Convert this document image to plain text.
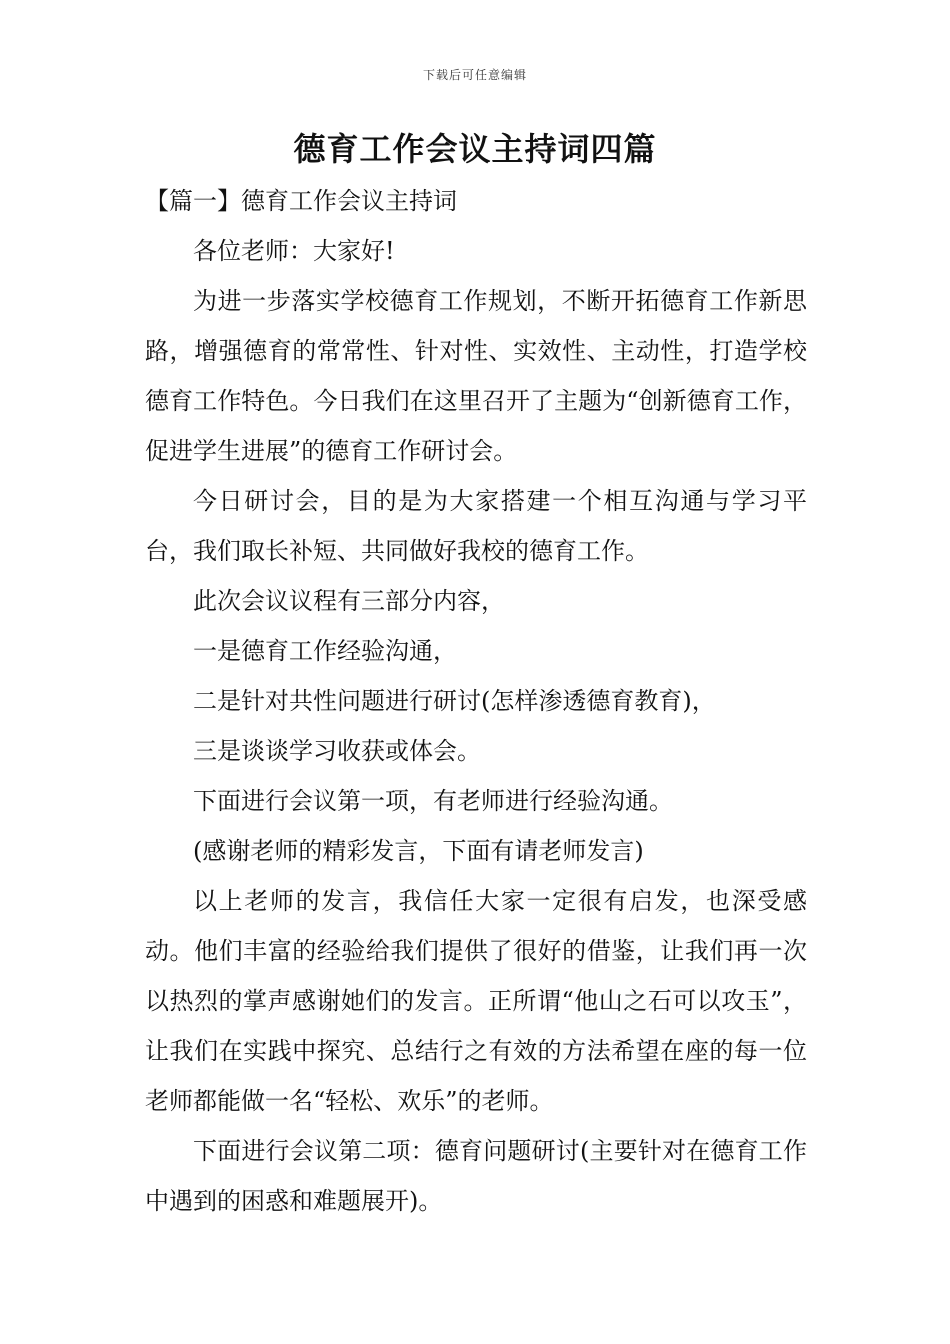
下载后可任意编辑
德育工作会议主持词四篇

【篇一】德育工作会议主持词

各位老师：大家好!

为进一步落实学校德育工作规划，不断开拓德育工作新思路，增强德育的常常性、针对性、实效性、主动性，打造学校德育工作特色。今日我们在这里召开了主题为“创新德育工作，促进学生进展”的德育工作研讨会。

今日研讨会，目的是为大家搭建一个相互沟通与学习平台，我们取长补短、共同做好我校的德育工作。

此次会议议程有三部分内容，

一是德育工作经验沟通，

二是针对共性问题进行研讨(怎样渗透德育教育)，

三是谈谈学习收获或体会。

下面进行会议第一项，有老师进行经验沟通。

(感谢老师的精彩发言，下面有请老师发言)

以上老师的发言，我信任大家一定很有启发，也深受感动。他们丰富的经验给我们提供了很好的借鉴，让我们再一次以热烈的掌声感谢她们的发言。正所谓“他山之石可以攻玉”，让我们在实践中探究、总结行之有效的方法希望在座的每一位老师都能做一名“轻松、欢乐”的老师。

下面进行会议第二项：德育问题研讨(主要针对在德育工作中遇到的困惑和难题展开)。
